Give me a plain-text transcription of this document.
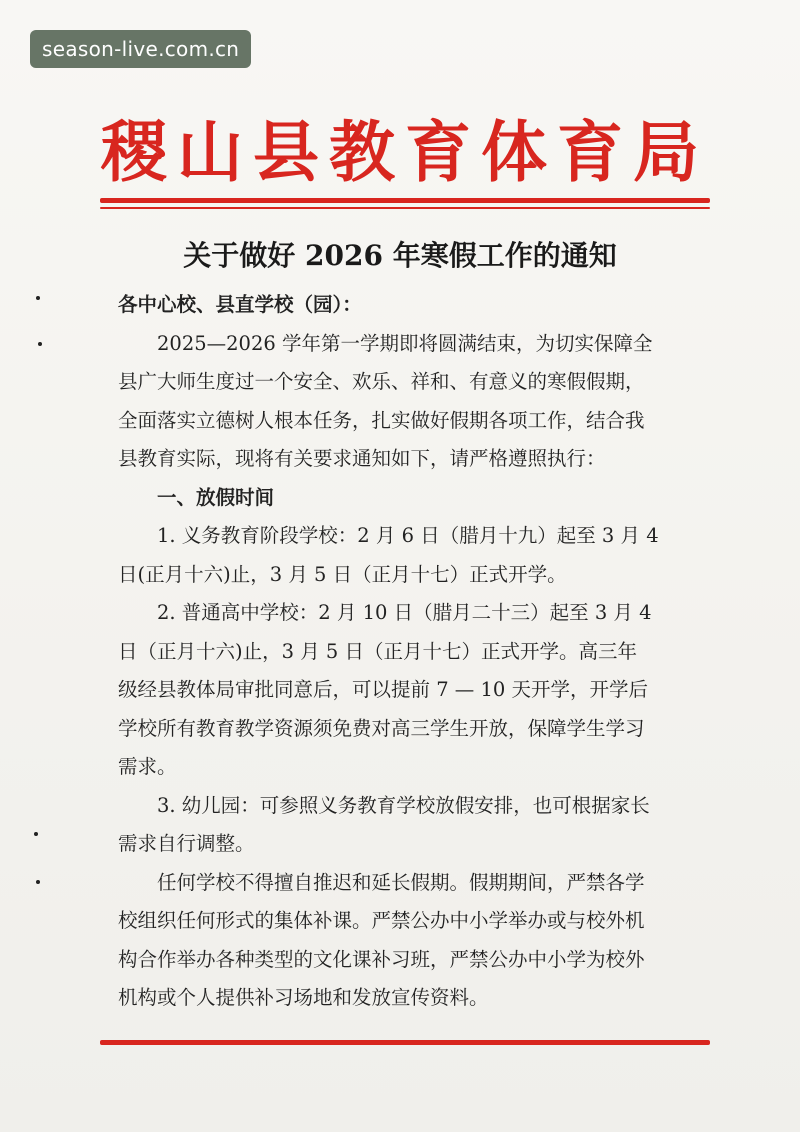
season-live.com.cn
稷山县教育体育局
关于做好 2026 年寒假工作的通知
各中心校、县直学校（园）：
　　2025—2026 学年第一学期即将圆满结束，为切实保障全
县广大师生度过一个安全、欢乐、祥和、有意义的寒假假期，
全面落实立德树人根本任务，扎实做好假期各项工作，结合我
县教育实际，现将有关要求通知如下，请严格遵照执行：
　　一、放假时间
　　1. 义务教育阶段学校：2 月 6 日（腊月十九）起至 3 月 4
日(正月十六)止，3 月 5 日（正月十七）正式开学。
　　2. 普通高中学校：2 月 10 日（腊月二十三）起至 3 月 4
日（正月十六)止，3 月 5 日（正月十七）正式开学。高三年
级经县教体局审批同意后，可以提前 7 — 10 天开学，开学后
学校所有教育教学资源须免费对高三学生开放，保障学生学习
需求。
　　3. 幼儿园：可参照义务教育学校放假安排，也可根据家长
需求自行调整。
　　任何学校不得擅自推迟和延长假期。假期期间，严禁各学
校组织任何形式的集体补课。严禁公办中小学举办或与校外机
构合作举办各种类型的文化课补习班，严禁公办中小学为校外
机构或个人提供补习场地和发放宣传资料。
